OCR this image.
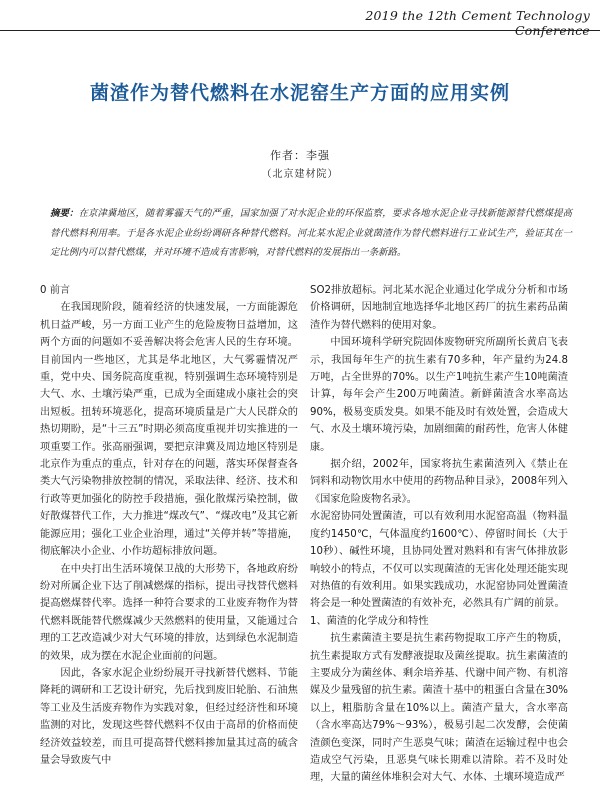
2019 the 12th Cement Technology Conference
菌渣作为替代燃料在水泥窑生产方面的应用实例
作者：李强
（北京建材院）
摘要：在京津冀地区，随着雾霾天气的严重，国家加强了对水泥企业的环保监察，要求各地水泥企业寻找新能源替代燃煤提高替代燃料利用率。于是各水泥企业纷纷调研各种替代燃料。河北某水泥企业就菌渣作为替代燃料进行工业试生产，验证其在一定比例内可以替代燃煤，并对环境不造成有害影响，对替代燃料的发展指出一条新路。

0 前言

在我国现阶段，随着经济的快速发展，一方面能源危机日益严峻，另一方面工业产生的危险废物日益增加，这两个方面的问题如不妥善解决将会危害人民的生存环境。目前国内一些地区，尤其是华北地区，大气雾霾情况严重，党中央、国务院高度重视，特别强调生态环境特别是大气、水、土壤污染严重，已成为全面建成小康社会的突出短板。扭转环境恶化，提高环境质量是广大人民群众的热切期盼，是“十三五”时期必须高度重视并切实推进的一项重要工作。张高丽强调，要把京津冀及周边地区特别是北京作为重点的重点，针对存在的问题，落实环保督查各类大气污染物排放控制的情况，采取法律、经济、技术和行政等更加强化的防控手段措施，强化散煤污染控制，做好散煤替代工作，大力推进“煤改气”、“煤改电”及其它新能源应用；强化工业企业治理，通过“关停并转”等措施，彻底解决小企业、小作坊超标排放问题。

在中央打出生活环境保卫战的大形势下，各地政府纷纷对所属企业下达了削减燃煤的指标，提出寻找替代燃料提高燃煤替代率。选择一种符合要求的工业废弃物作为替代燃料既能替代燃煤减少天然燃料的使用量，又能通过合理的工艺改造减少对大气环境的排放，达到绿色水泥制造的效果，成为摆在水泥企业面前的问题。

因此，各家水泥企业纷纷展开寻找新替代燃料、节能降耗的调研和工艺设计研究，先后找到废旧轮胎、石油焦等工业及生活废弃物作为实践对象，但经过经济性和环境监测的对比，发现这些替代燃料不仅由于高昂的价格而使经济效益较差，而且可提高替代燃料掺加量其过高的硫含量会导致废气中

SO2排放超标。河北某水泥企业通过化学成分分析和市场价格调研，因地制宜地选择华北地区药厂的抗生素药品菌渣作为替代燃料的使用对象。

中国环境科学研究院固体废物研究所副所长黄启飞表示，我国每年生产的抗生素有70多种，年产量约为24.8万吨，占全世界的70%。以生产1吨抗生素产生10吨菌渣计算，每年会产生200万吨菌渣。新鲜菌渣含水率高达90%，极易变质发臭。如果不能及时有效处置，会造成大气、水及土壤环境污染，加剧细菌的耐药性，危害人体健康。

据介绍，2002年，国家将抗生素菌渣列入《禁止在饲料和动物饮用水中使用的药物品种目录》，2008年列入《国家危险废物名录》。

水泥窑协同处置菌渣，可以有效利用水泥窑高温（物料温度约1450℃，气体温度约1600℃）、停留时间长（大于10秒）、碱性环境，且协同处置对熟料和有害气体排放影响较小的特点，不仅可以实现菌渣的无害化处理还能实现对热值的有效利用。如果实践成功，水泥窑协同处置菌渣将会是一种处置菌渣的有效补充，必然具有广阔的前景。

1、菌渣的化学成分和特性

抗生素菌渣主要是抗生素药物提取工序产生的物质，抗生素提取方式有发酵液提取及菌丝提取。抗生素菌渣的主要成分为菌丝体、剩余培养基、代谢中间产物、有机溶媒及少量残留的抗生素。菌渣十基中的粗蛋白含量在30%以上，粗脂肪含量在10%以上。菌渣产量大，含水率高（含水率高达79%～93%），极易引起二次发酵，会使菌渣颜色变深，同时产生恶臭气味；菌渣在运输过程中也会造成空气污染，且恶臭气味长期难以清除。若不及时处理，大量的菌丝体堆积会对大气、水体、土壤环境造成严
